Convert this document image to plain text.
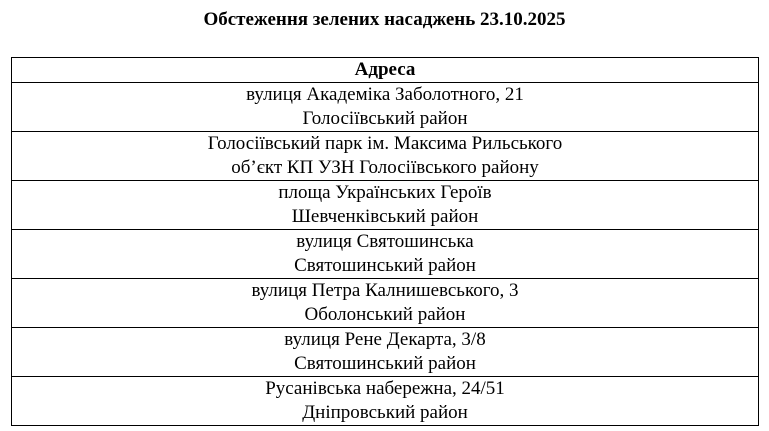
Обстеження зелених насаджень 23.10.2025
Адреса

вулиця Академіка Заболотного, 21
Голосіївський район

Голосіївський парк ім. Максима Рильського
об’єкт КП УЗН Голосіївського району

площа Українських Героїв
Шевченківський район

вулиця Святошинська
Святошинський район

вулиця Петра Калнишевського, 3
Оболонський район

вулиця Рене Декарта, 3/8
Святошинський район

Русанівська набережна, 24/51
Дніпровський район
